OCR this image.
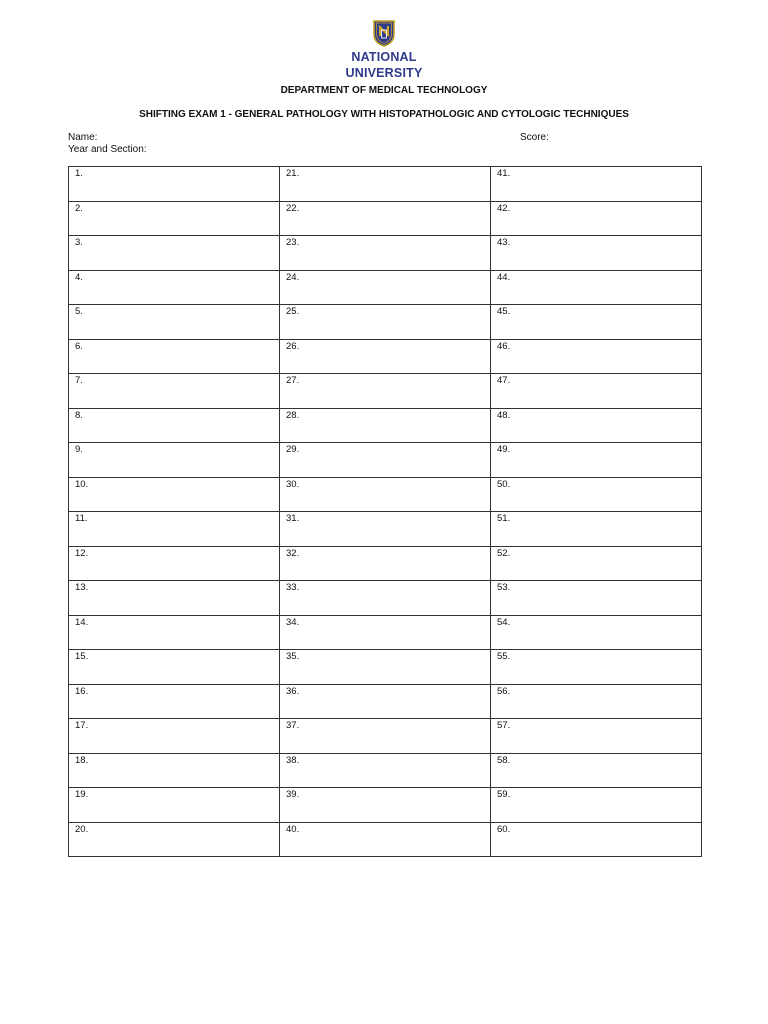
NATIONAL
UNIVERSITY
DEPARTMENT OF MEDICAL TECHNOLOGY
SHIFTING EXAM 1 - GENERAL PATHOLOGY WITH HISTOPATHOLOGIC AND CYTOLOGIC TECHNIQUES
Name:
Year and Section:
Score:
1.	21.	41.
2.	22.	42.
3.	23.	43.
4.	24.	44.
5.	25.	45.
6.	26.	46.
7.	27.	47.
8.	28.	48.
9.	29.	49.
10.	30.	50.
11.	31.	51.
12.	32.	52.
13.	33.	53.
14.	34.	54.
15.	35.	55.
16.	36.	56.
17.	37.	57.
18.	38.	58.
19.	39.	59.
20.	40.	60.
